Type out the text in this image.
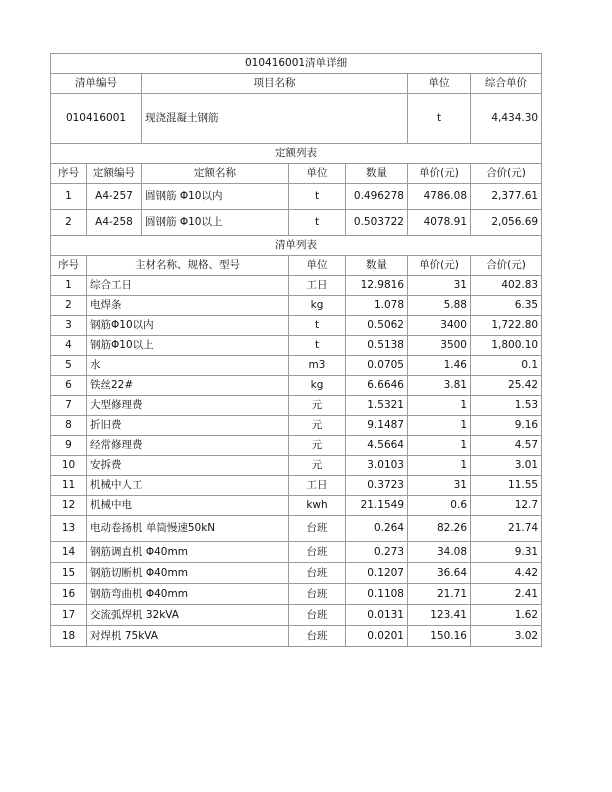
010416001清单详细						
清单编号		项目名称			单位	综合单价
010416001		现浇混凝土钢筋			t	4,434.30
定额列表						
序号	定额编号	定额名称	单位	数量	单价(元)	合价(元)
1	A4-257	圆钢筋 Φ10以内	t	0.496278	4786.08	2,377.61
2	A4-258	圆钢筋 Φ10以上	t	0.503722	4078.91	2,056.69
清单列表						
序号	主材名称、规格、型号		单位	数量	单价(元)	合价(元)
1	综合工日		工日	12.9816	31	402.83
2	电焊条		kg	1.078	5.88	6.35
3	钢筋Φ10以内		t	0.5062	3400	1,722.80
4	钢筋Φ10以上		t	0.5138	3500	1,800.10
5	水		m3	0.0705	1.46	0.1
6	铁丝22#		kg	6.6646	3.81	25.42
7	大型修理费		元	1.5321	1	1.53
8	折旧费		元	9.1487	1	9.16
9	经常修理费		元	4.5664	1	4.57
10	安拆费		元	3.0103	1	3.01
11	机械中人工		工日	0.3723	31	11.55
12	机械中电		kwh	21.1549	0.6	12.7
13	电动卷扬机 单筒慢速50kN		台班	0.264	82.26	21.74
14	钢筋调直机 Φ40mm		台班	0.273	34.08	9.31
15	钢筋切断机 Φ40mm		台班	0.1207	36.64	4.42
16	钢筋弯曲机 Φ40mm		台班	0.1108	21.71	2.41
17	交流弧焊机 32kVA		台班	0.0131	123.41	1.62
18	对焊机 75kVA		台班	0.0201	150.16	3.02
